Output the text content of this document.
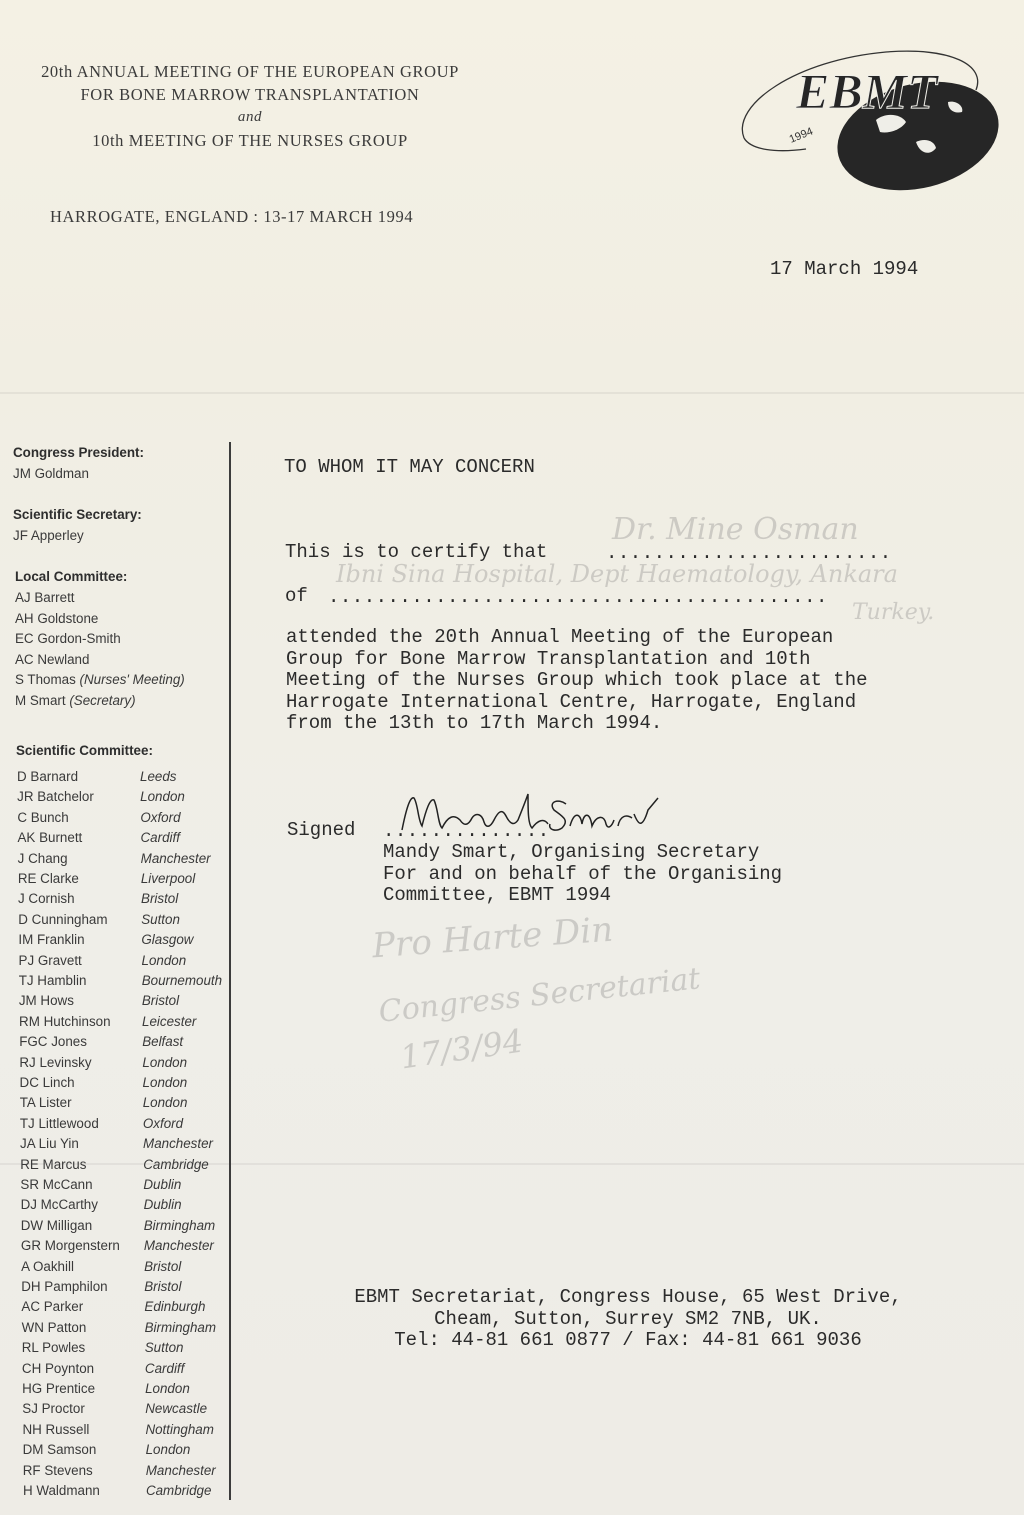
20th ANNUAL MEETING OF THE EUROPEAN GROUP
FOR BONE MARROW TRANSPLANTATION
and
10th MEETING OF THE NURSES GROUP
HARROGATE, ENGLAND : 13-17 MARCH 1994
EBMT
1994
17 March 1994
Congress President:
JM Goldman
Scientific Secretary:
JF Apperley
Local Committee:
AJ Barrett
AH Goldstone
EC Gordon-Smith
AC Newland
S Thomas (Nurses' Meeting)
M Smart (Secretary)
Scientific Committee:
D Barnard	Leeds
JR Batchelor	London
C Bunch	Oxford
AK Burnett	Cardiff
J Chang	Manchester
RE Clarke	Liverpool
J Cornish	Bristol
D Cunningham	Sutton
IM Franklin	Glasgow
PJ Gravett	London
TJ Hamblin	Bournemouth
JM Hows	Bristol
RM Hutchinson Leicester
FGC Jones	Belfast
RJ Levinsky	London
DC Linch	London
TA Lister	London
TJ Littlewood	Oxford
JA Liu Yin	Manchester
RE Marcus	Cambridge
SR McCann	Dublin
DJ McCarthy	Dublin
DW Milligan	Birmingham
GR Morgenstern Manchester
A Oakhill	Bristol
DH Pamphilon	Bristol
AC Parker	Edinburgh
WN Patton	Birmingham
RL Powles	Sutton
CH Poynton	Cardiff
HG Prentice	London
SJ Proctor	Newcastle
NH Russell	Nottingham
DM Samson	London
RF Stevens	Manchester
H Waldmann	Cambridge
TO WHOM IT MAY CONCERN
This is to certify that	........................
Dr. Mine Osman
of ..........................................
Ibni Sina Hospital, Dept Haematology, Ankara
Turkey.
attended the 20th Annual Meeting of the European
Group for Bone Marrow Transplantation and 10th
Meeting of the Nurses Group which took place at the
Harrogate International Centre, Harrogate, England
from the 13th to 17th March 1994.
Signed ..............
Mandy Smart, Organising Secretary
For and on behalf of the Organising
Committee, EBMT 1994
Pro Harte Din
Congress Secretariat
17/3/94
EBMT Secretariat, Congress House, 65 West Drive,
Cheam, Sutton, Surrey SM2 7NB, UK.
Tel: 44-81 661 0877 / Fax: 44-81 661 9036
